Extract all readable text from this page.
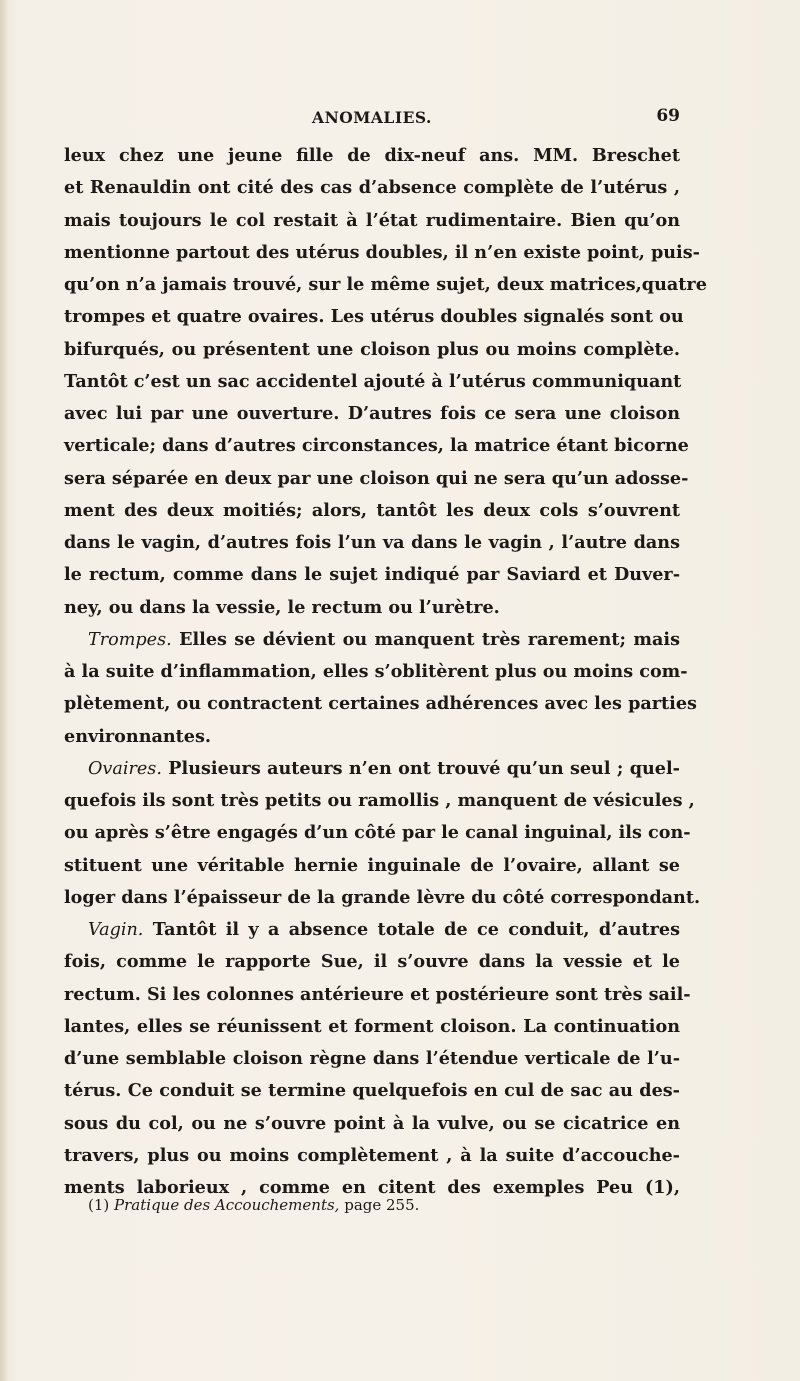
ANOMALIES.	69
leux chez une jeune fille de dix-neuf ans. MM. Breschet
et Renauldin ont cité des cas d’absence complète de l’utérus ,
mais toujours le col restait à l’état rudimentaire. Bien qu’on
mentionne partout des utérus doubles, il n’en existe point, puis-
qu’on n’a jamais trouvé, sur le même sujet, deux matrices,quatre
trompes et quatre ovaires. Les utérus doubles signalés sont ou
bifurqués, ou présentent une cloison plus ou moins complète.
Tantôt c’est un sac accidentel ajouté à l’utérus communiquant
avec lui par une ouverture. D’autres fois ce sera une cloison
verticale; dans d’autres circonstances, la matrice étant bicorne
sera séparée en deux par une cloison qui ne sera qu’un adosse-
ment des deux moitiés; alors, tantôt les deux cols s’ouvrent
dans le vagin, d’autres fois l’un va dans le vagin , l’autre dans
le rectum, comme dans le sujet indiqué par Saviard et Duver-
ney, ou dans la vessie, le rectum ou l’urètre.
Trompes. Elles se dévient ou manquent très rarement; mais
à la suite d’inflammation, elles s’oblitèrent plus ou moins com-
plètement, ou contractent certaines adhérences avec les parties
environnantes.
Ovaires. Plusieurs auteurs n’en ont trouvé qu’un seul ; quel-
quefois ils sont très petits ou ramollis , manquent de vésicules ,
ou après s’être engagés d’un côté par le canal inguinal, ils con-
stituent une véritable hernie inguinale de l’ovaire, allant se
loger dans l’épaisseur de la grande lèvre du côté correspondant.
Vagin. Tantôt il y a absence totale de ce conduit, d’autres
fois, comme le rapporte Sue, il s’ouvre dans la vessie et le
rectum. Si les colonnes antérieure et postérieure sont très sail-
lantes, elles se réunissent et forment cloison. La continuation
d’une semblable cloison règne dans l’étendue verticale de l’u-
térus. Ce conduit se termine quelquefois en cul de sac au des-
sous du col, ou ne s’ouvre point à la vulve, ou se cicatrice en
travers, plus ou moins complètement , à la suite d’accouche-
ments laborieux , comme en citent des exemples Peu (1),
(1) Pratique des Accouchements, page 255.
